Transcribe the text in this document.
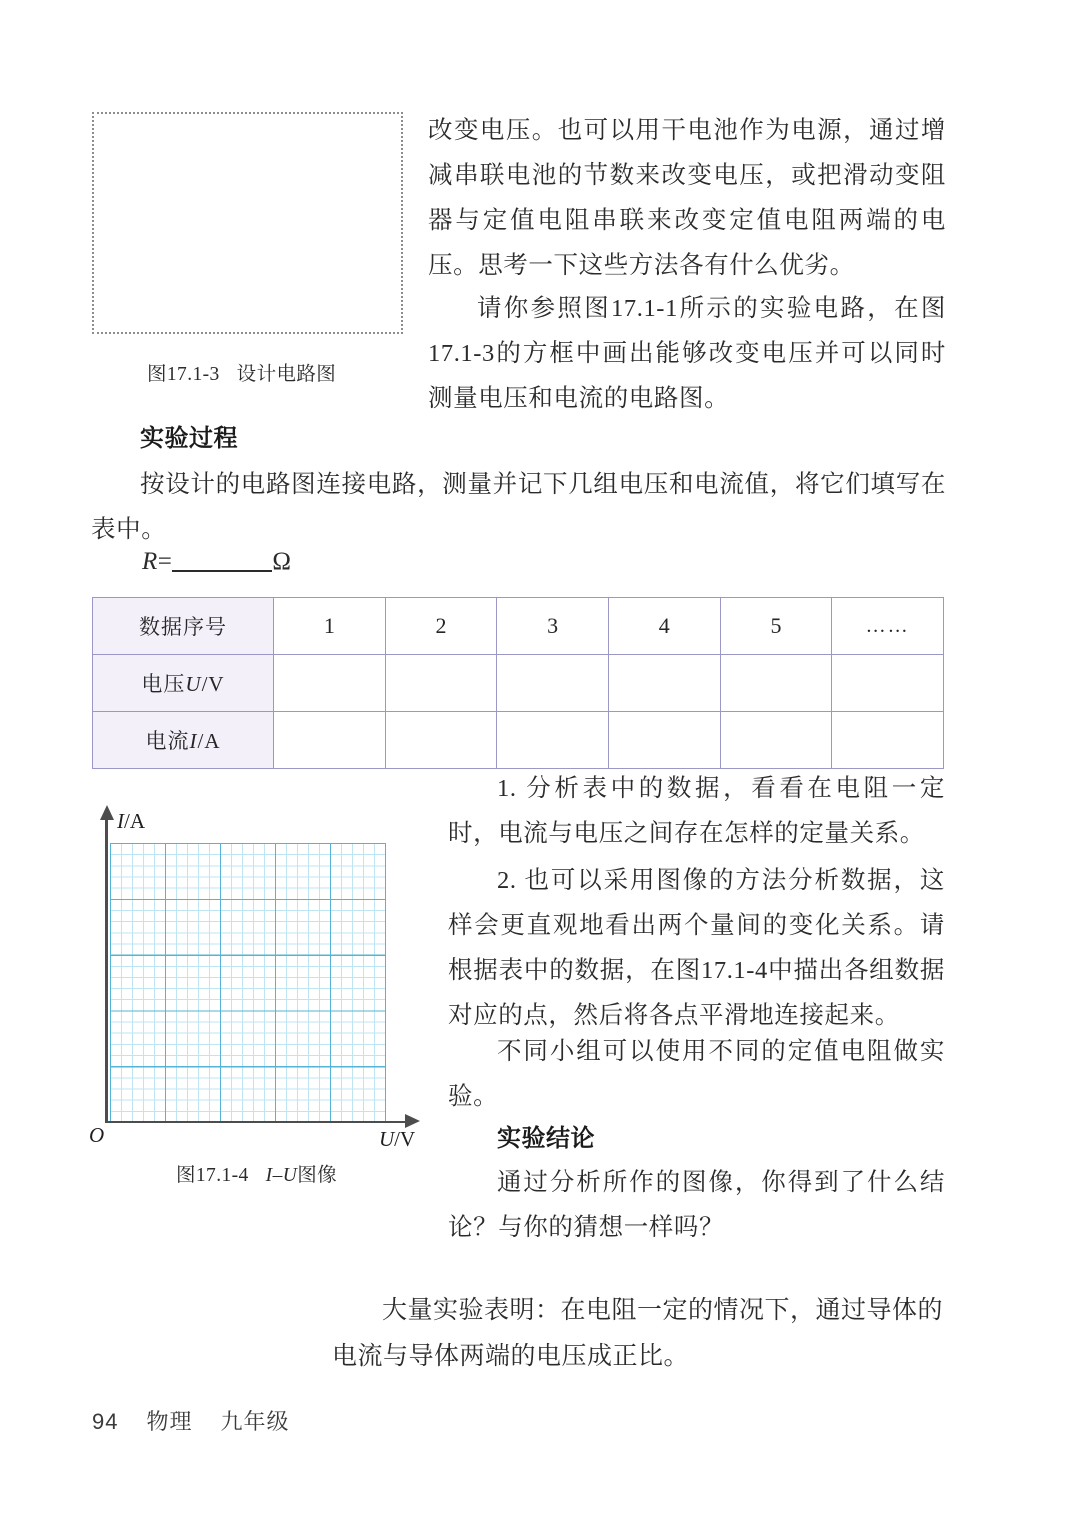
图17.1-3 设计电路图
改变电压。也可以用干电池作为电源，通过增减串联电池的节数来改变电压，或把滑动变阻器与定值电阻串联来改变定值电阻两端的电压。思考一下这些方法各有什么优劣。
请你参照图17.1-1所示的实验电路，在图17.1-3的方框中画出能够改变电压并可以同时测量电压和电流的电路图。
实验过程
按设计的电路图连接电路，测量并记下几组电压和电流值，将它们填写在表中。
R=	Ω
数据序号	1	2	3	4	5	……
电压U/V						
电流I/A						
I/A
U/V
O
图17.1-4 I–U图像
1. 分析表中的数据，看看在电阻一定时，电流与电压之间存在怎样的定量关系。
2. 也可以采用图像的方法分析数据，这样会更直观地看出两个量间的变化关系。请根据表中的数据，在图17.1-4中描出各组数据对应的点，然后将各点平滑地连接起来。
不同小组可以使用不同的定值电阻做实验。
实验结论
通过分析所作的图像，你得到了什么结论？与你的猜想一样吗？
大量实验表明：在电阻一定的情况下，通过导体的电流与导体两端的电压成正比。
94 物理 九年级
